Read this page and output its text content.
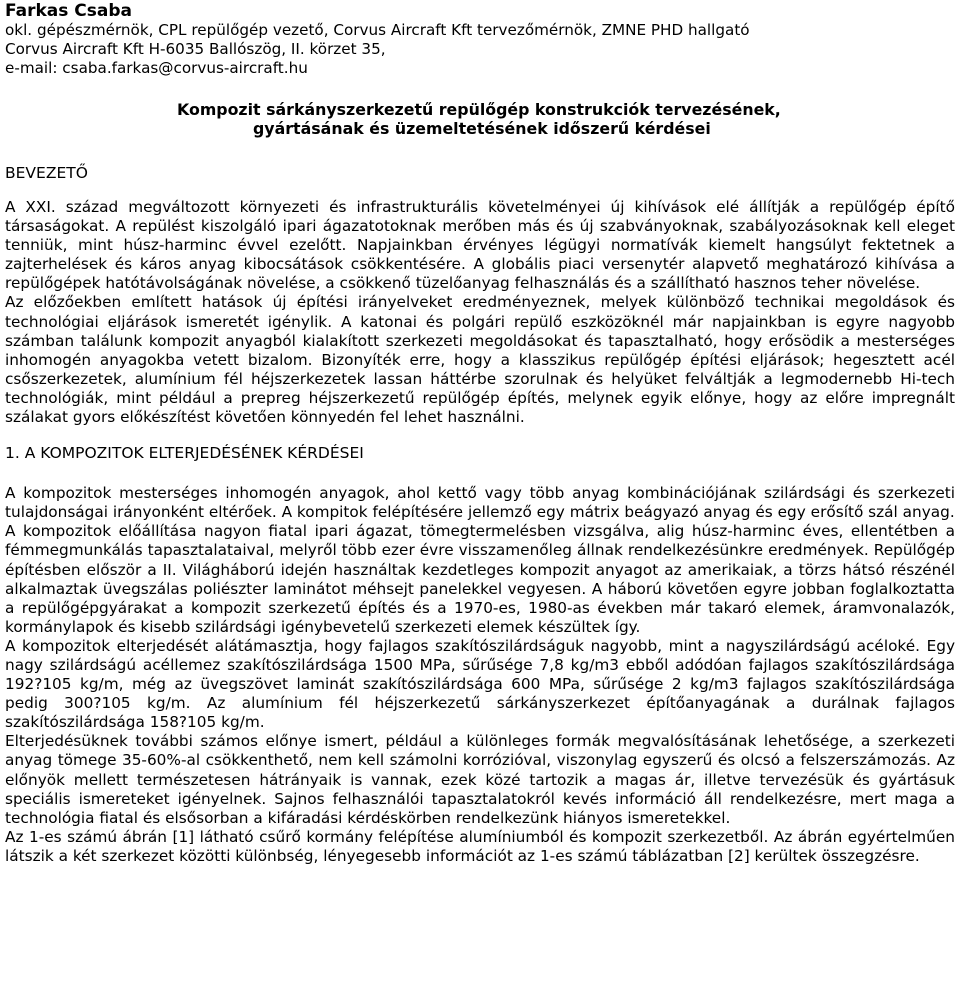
Farkas Csaba

okl. gépészmérnök, CPL repülőgép vezető, Corvus Aircraft Kft tervezőmérnök, ZMNE PHD hallgató

Corvus Aircraft Kft H-6035 Ballószög, II. körzet 35,

e-mail: csaba.farkas@corvus-aircraft.hu

Kompozit sárkányszerkezetű repülőgép konstrukciók tervezésének,

gyártásának és üzemeltetésének időszerű kérdései

BEVEZETŐ

A XXI. század megváltozott környezeti és infrastrukturális követelményei új kihívások elé állítják a repülőgép építő társaságokat. A repülést kiszolgáló ipari ágazatotoknak merőben más és új szabványoknak, szabályozásoknak kell eleget tenniük, mint húsz-harminc évvel ezelőtt. Napjainkban érvényes légügyi normatívák kiemelt hangsúlyt fektetnek a zajterhelések és káros anyag kibocsátások csökkentésére. A globális piaci versenytér alapvető meghatározó kihívása a repülőgépek hatótávolságának növelése, a csökkenő tüzelőanyag felhasználás és a szállítható hasznos teher növelése.

Az előzőekben említett hatások új építési irányelveket eredményeznek, melyek különböző technikai megoldások és technológiai eljárások ismeretét igénylik. A katonai és polgári repülő eszközöknél már napjainkban is egyre nagyobb számban találunk kompozit anyagból kialakított szerkezeti megoldásokat és tapasztalható, hogy erősödik a mesterséges inhomogén anyagokba vetett bizalom. Bizonyíték erre, hogy a klasszikus repülőgép építési eljárások; hegesztett acél csőszerkezetek, alumínium fél héjszerkezetek lassan háttérbe szorulnak és helyüket felváltják a legmodernebb Hi-tech technológiák, mint például a prepreg héjszerkezetű repülőgép építés, melynek egyik előnye, hogy az előre impregnált szálakat gyors előkészítést követően könnyedén fel lehet használni.

1. A KOMPOZITOK ELTERJEDÉSÉNEK KÉRDÉSEI

A kompozitok mesterséges inhomogén anyagok, ahol kettő vagy több anyag kombinációjának szilárdsági és szerkezeti tulajdonságai irányonként eltérőek. A kompitok felépítésére jellemző egy mátrix beágyazó anyag és egy erősítő szál anyag.

A kompozitok előállítása nagyon fiatal ipari ágazat, tömegtermelésben vizsgálva, alig húsz-harminc éves, ellentétben a fémmegmunkálás tapasztalataival, melyről több ezer évre visszamenőleg állnak rendelkezésünkre eredmények. Repülőgép építésben először a II. Világháború idején használtak kezdetleges kompozit anyagot az amerikaiak, a törzs hátsó részénél alkalmaztak üvegszálas poliészter laminátot méhsejt panelekkel vegyesen. A háború követően egyre jobban foglalkoztatta a repülőgépgyárakat a kompozit szerkezetű építés és a 1970-es, 1980-as években már takaró elemek, áramvonalazók, kormánylapok és kisebb szilárdsági igénybevetelű szerkezeti elemek készültek így.

A kompozitok elterjedését alátámasztja, hogy fajlagos szakítószilárdságuk nagyobb, mint a nagyszilárdságú acéloké. Egy nagy szilárdságú acéllemez szakítószilárdsága 1500 MPa, sűrűsége 7,8 kg/m3 ebből adódóan fajlagos szakítószilárdsága 192?105 kg/m, még az üvegszövet laminát szakítószilárdsága 600 MPa, sűrűsége 2 kg/m3 fajlagos szakítószilárdsága pedig 300?105 kg/m. Az alumínium fél héjszerkezetű sárkányszerkezet építőanyagának a durálnak fajlagos szakítószilárdsága 158?105 kg/m.

Elterjedésüknek további számos előnye ismert, például a különleges formák megvalósításának lehetősége, a szerkezeti anyag tömege 35-60%-al csökkenthető, nem kell számolni korrózióval, viszonylag egyszerű és olcsó a felszerszámozás. Az előnyök mellett természetesen hátrányaik is vannak, ezek közé tartozik a magas ár, illetve tervezésük és gyártásuk speciális ismereteket igényelnek. Sajnos felhasználói tapasztalatokról kevés információ áll rendelkezésre, mert maga a technológia fiatal és elsősorban a kifáradási kérdéskörben rendelkezünk hiányos ismeretekkel.

Az 1-es számú ábrán [1] látható csűrő kormány felépítése alumíniumból és kompozit szerkezetből. Az ábrán egyértelműen látszik a két szerkezet közötti különbség, lényegesebb információt az 1-es számú táblázatban [2] kerültek összegzésre.
